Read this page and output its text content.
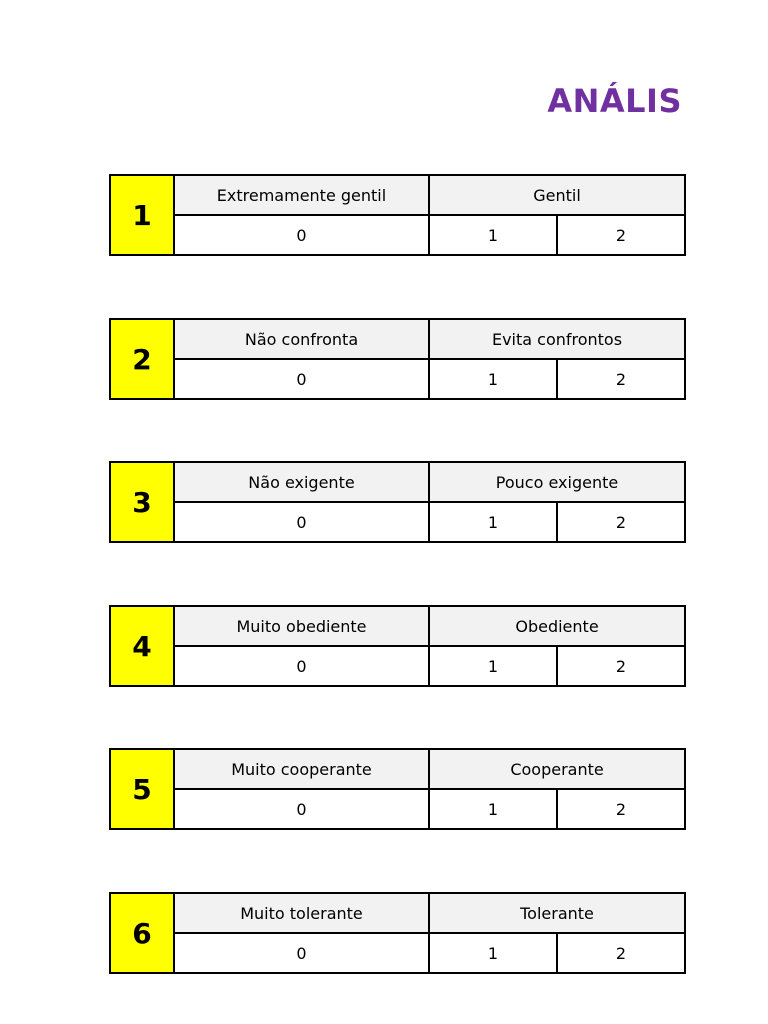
ANÁLIS
1	Extremamente gentil	Gentil	
	0	1	2
2	Não confronta	Evita confrontos	
	0	1	2
3	Não exigente	Pouco exigente	
	0	1	2
4	Muito obediente	Obediente	
	0	1	2
5	Muito cooperante	Cooperante	
	0	1	2
6	Muito tolerante	Tolerante	
	0	1	2
